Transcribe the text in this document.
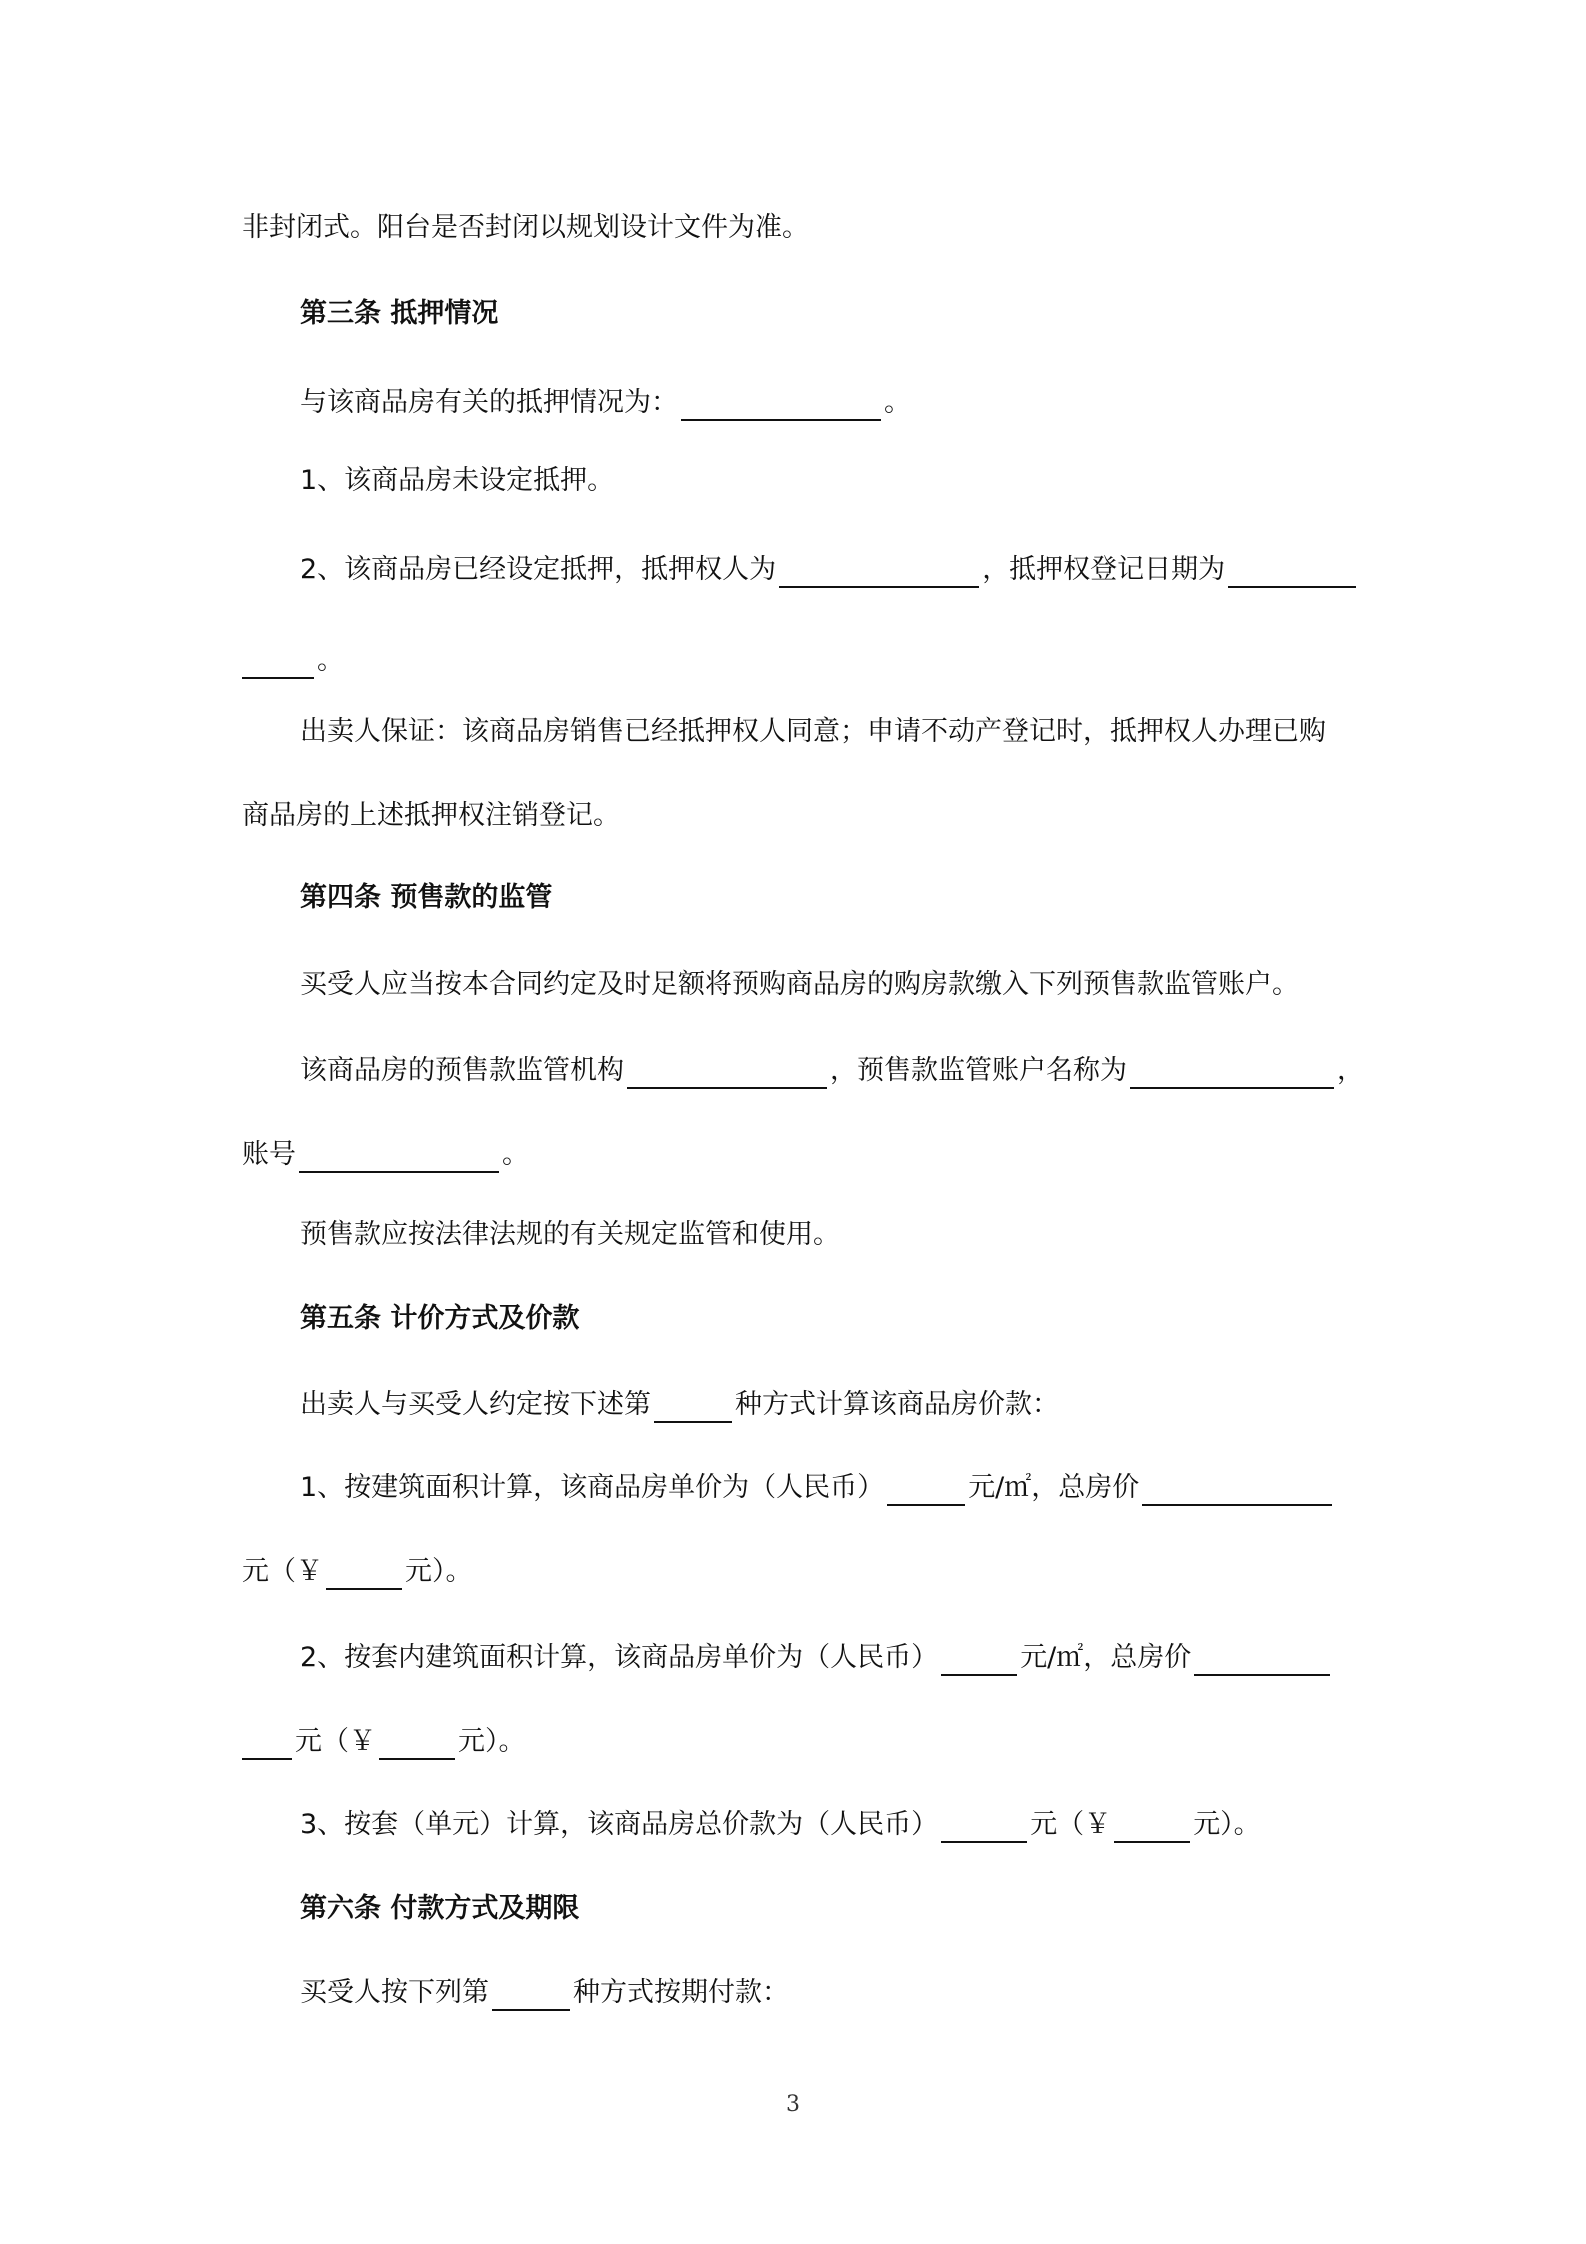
非封闭式。阳台是否封闭以规划设计文件为准。
第三条 抵押情况
与该商品房有关的抵押情况为：	。
1、该商品房未设定抵押。
2、该商品房已经设定抵押，抵押权人为	，抵押权登记日期为
。
出卖人保证：该商品房销售已经抵押权人同意；申请不动产登记时，抵押权人办理已购
商品房的上述抵押权注销登记。
第四条 预售款的监管
买受人应当按本合同约定及时足额将预购商品房的购房款缴入下列预售款监管账户。
该商品房的预售款监管机构	，预售款监管账户名称为	，
账号	。
预售款应按法律法规的有关规定监管和使用。
第五条 计价方式及价款
出卖人与买受人约定按下述第	种方式计算该商品房价款：
1、按建筑面积计算，该商品房单价为（人民币）	元/㎡，总房价
元（￥	元）。
2、按套内建筑面积计算，该商品房单价为（人民币）	元/㎡，总房价
元（￥	元）。
3、按套（单元）计算，该商品房总价款为（人民币）	元（￥	元）。
第六条 付款方式及期限
买受人按下列第	种方式按期付款：
3
